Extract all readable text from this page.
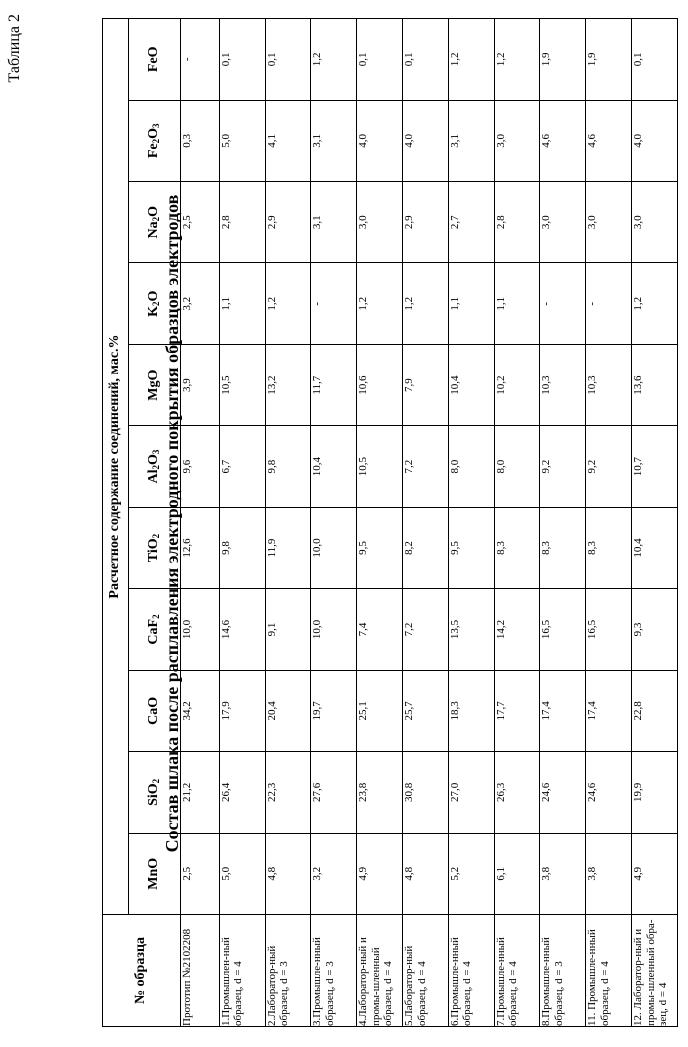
Таблица 2
Состав шлака после расплавления электродного покрытия образцов электродов
№ образца	Расчетное содержание соединений, мас.%
MnO	SiO2	CaO	CaF2	TiO2	Al2O3	MgO	K2O	Na2O	Fe2O3	FeO
Прототип №2102208	2,5	21,2	34,2	10,0	12,6	9,6	3,9	3,2	2,5	0,3	-
1.Промышлен-ный образец, d = 4	5,0	26,4	17,9	14,6	9,8	6,7	10,5	1,1	2,8	5,0	0,1
2.Лаборатор-ный образец, d = 3	4,8	22,3	20,4	9,1	11,9	9,8	13,2	1,2	2,9	4,1	0,1
3.Промышле-нный образец, d = 3	3,2	27,6	19,7	10,0	10,0	10,4	11,7	-	3,1	3,1	1,2
4.Лаборатор-ный и промы-шленный образец, d = 4	4,9	23,8	25,1	7,4	9,5	10,5	10,6	1,2	3,0	4,0	0,1
5.Лаборатор-ный образец, d = 4	4,8	30,8	25,7	7,2	8,2	7,2	7,9	1,2	2,9	4,0	0,1
6.Промышле-нный образец, d = 4	5,2	27,0	18,3	13,5	9,5	8,0	10,4	1,1	2,7	3,1	1,2
7.Промышле-нный образец, d = 4	6,1	26,3	17,7	14,2	8,3	8,0	10,2	1,1	2,8	3,0	1,2
8.Промышле-нный образец, d = 3	3,8	24,6	17,4	16,5	8,3	9,2	10,3	-	3,0	4,6	1,9
11. Промышле-нный образец, d = 4	3,8	24,6	17,4	16,5	8,3	9,2	10,3	-	3,0	4,6	1,9
12. Лаборатор-ный и промы-шленный обра-зец, d = 4	4,9	19,9	22,8	9,3	10,4	10,7	13,6	1,2	3,0	4,0	0,1
